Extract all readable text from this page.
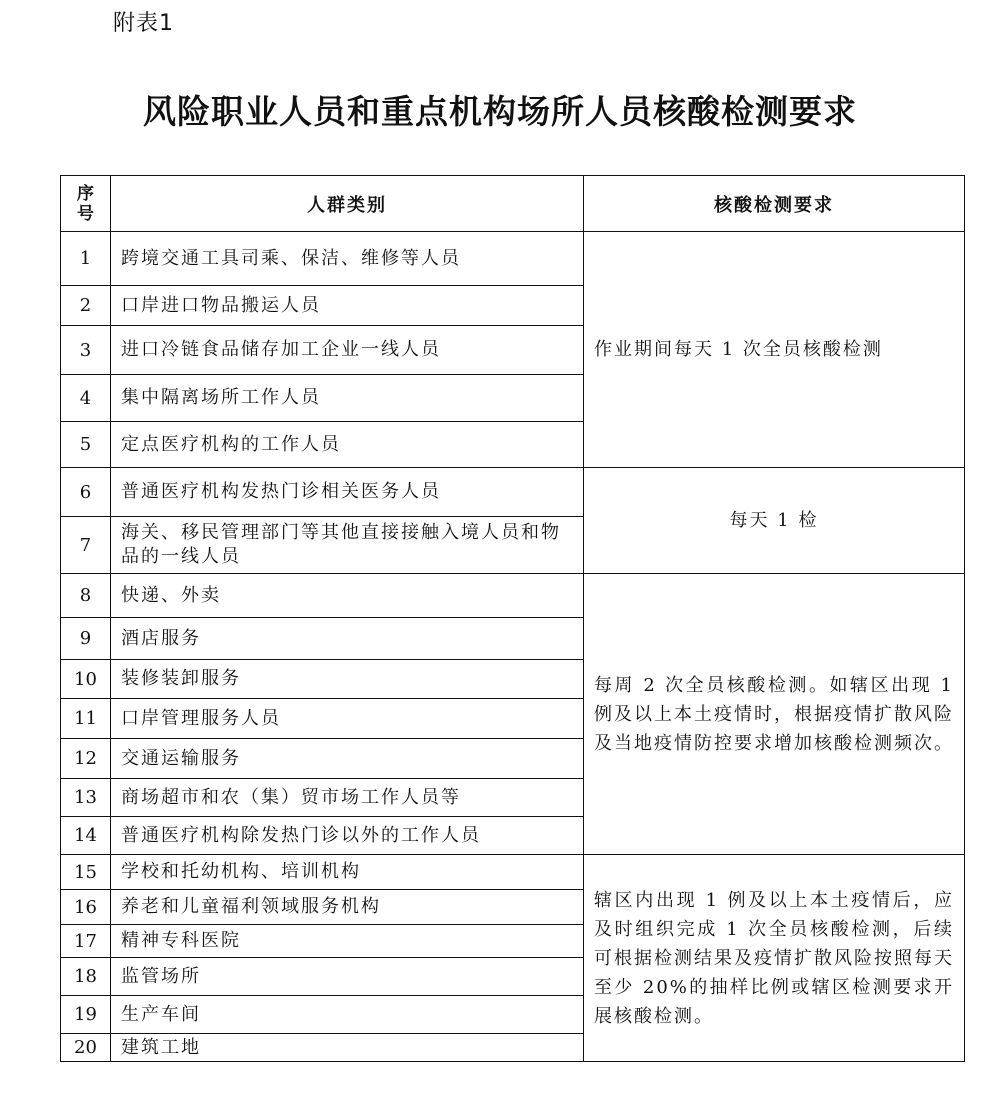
附表1
风险职业人员和重点机构场所人员核酸检测要求
序号	人群类别	核酸检测要求
1	跨境交通工具司乘、保洁、维修等人员	作业期间每天 1 次全员核酸检测
2	口岸进口物品搬运人员	
3	进口冷链食品储存加工企业一线人员	
4	集中隔离场所工作人员	
5	定点医疗机构的工作人员	
6	普通医疗机构发热门诊相关医务人员	每天 1 检
7	海关、移民管理部门等其他直接接触入境人员和物品的一线人员	
8	快递、外卖	每周 2 次全员核酸检测。如辖区出现 1 例及以上本土疫情时，根据疫情扩散风险及当地疫情防控要求增加核酸检测频次。
9	酒店服务	
10	装修装卸服务	
11	口岸管理服务人员	
12	交通运输服务	
13	商场超市和农（集）贸市场工作人员等	
14	普通医疗机构除发热门诊以外的工作人员	
15	学校和托幼机构、培训机构	辖区内出现 1 例及以上本土疫情后，应及时组织完成 1 次全员核酸检测，后续可根据检测结果及疫情扩散风险按照每天至少 20%的抽样比例或辖区检测要求开展核酸检测。
16	养老和儿童福利领域服务机构	
17	精神专科医院	
18	监管场所	
19	生产车间	
20	建筑工地	
